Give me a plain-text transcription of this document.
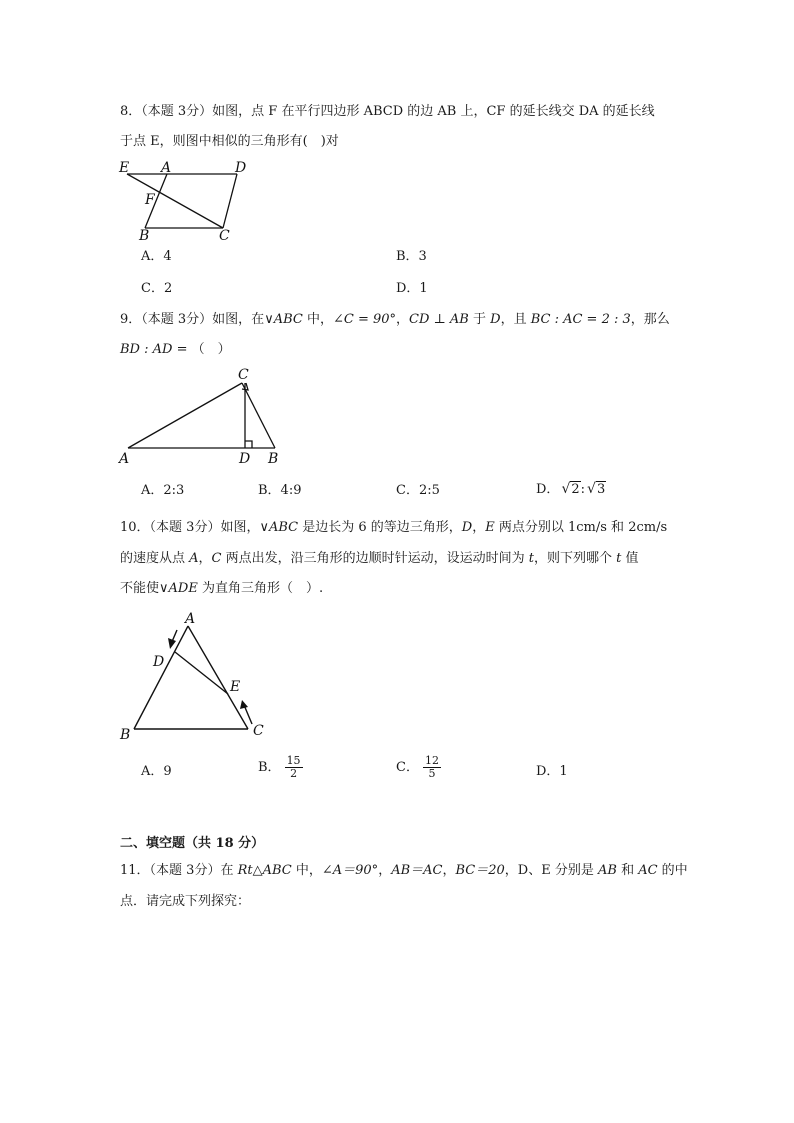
8．（本题 3分）如图，点 F 在平行四边形 ABCD 的边 AB 上，CF 的延长线交 DA 的延长线
于点 E，则图中相似的三角形有(　)对
E A	D
F
B	C
A．4	B．3
C．2	D．1
9．（本题 3分）如图，在∨ABC 中，∠C = 90°，CD ⊥ AB 于 D，且 BC : AC = 2 : 3，那么
BD : AD = （　）
C
A	D B
A．2:3	B．4:9	C．2:5	D． √2: √3
10．（本题 3分）如图，∨ABC 是边长为 6 的等边三角形，D，E 两点分别以 1cm/s 和 2cm/s
的速度从点 A，C 两点出发，沿三角形的边顺时针运动，设运动时间为 t，则下列哪个 t 值
不能使∨ADE 为直角三角形（　）.
A
D
E
B	C
A．9	B． $\frac{15}{2}$	C． $\frac{12}{5}$	D．1
二、填空题（共 18 分）
11．（本题 3分）在 Rt△ABC 中，∠A＝90°，AB＝AC，BC＝20，D、E 分别是 AB 和 AC 的中
点．请完成下列探究：
